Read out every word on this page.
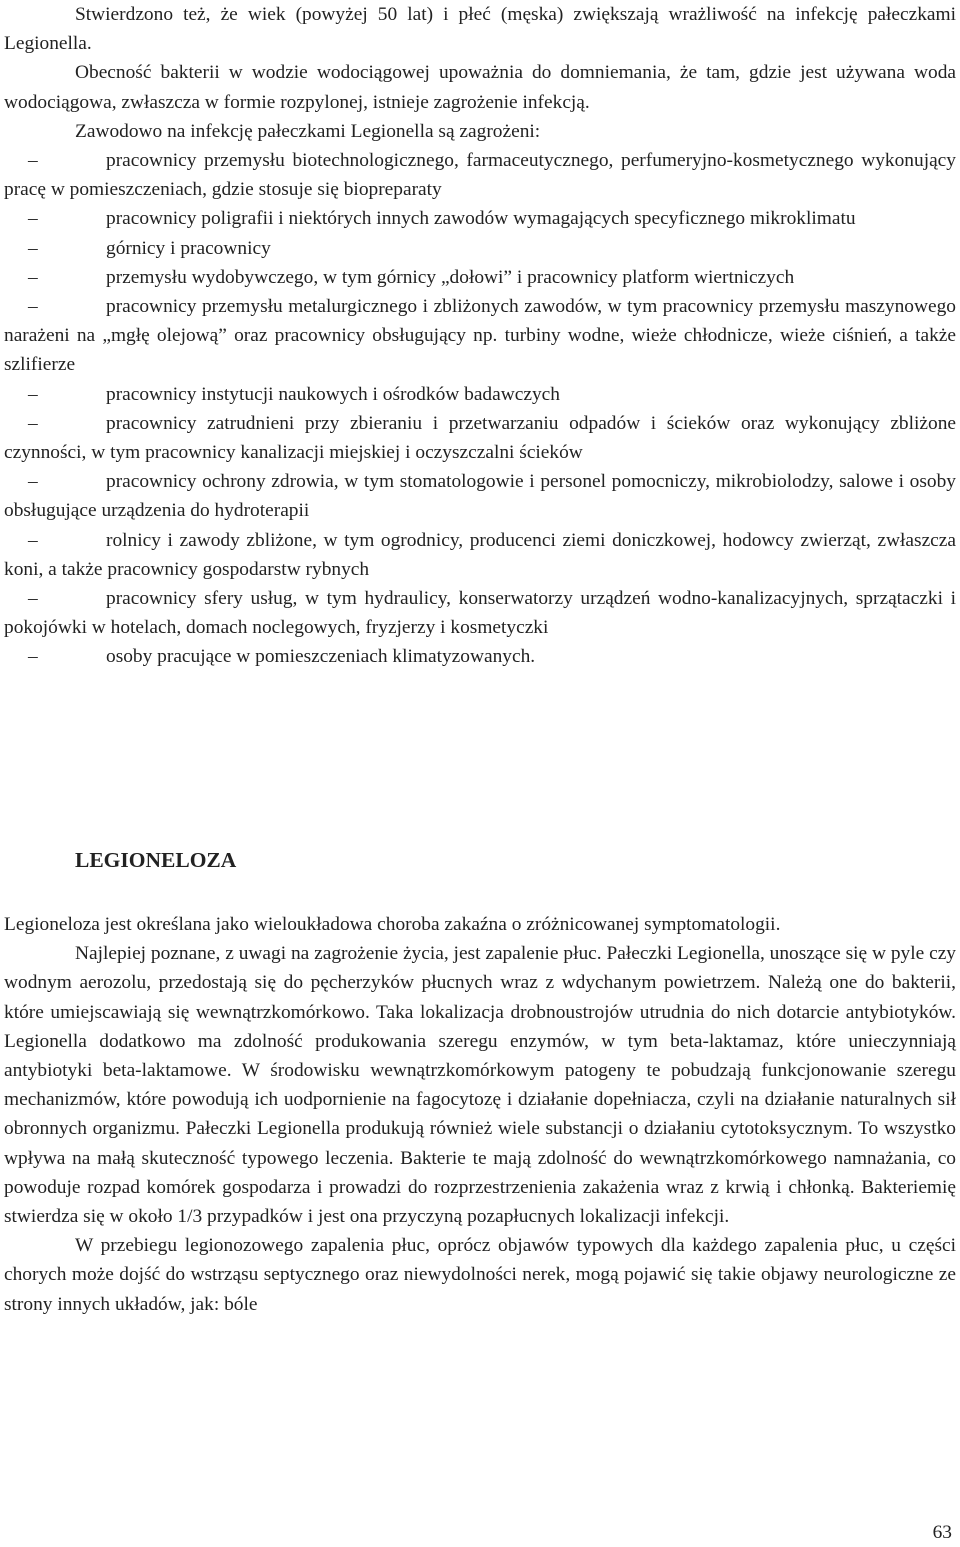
Stwierdzono też, że wiek (powyżej 50 lat) i płeć (męska) zwiększają wrażliwość na infekcję pałeczkami Legionella.

Obecność bakterii w wodzie wodociągowej upoważnia do domniemania, że tam, gdzie jest używana woda wodociągowa, zwłaszcza w formie rozpylonej, istnieje zagrożenie infekcją.

Zawodowo na infekcję pałeczkami Legionella są zagrożeni:

–	pracownicy przemysłu biotechnologicznego, farmaceutycznego, perfumeryjno-kosmetycznego wykonujący pracę w pomieszczeniach, gdzie stosuje się biopreparaty

–	pracownicy poligrafii i niektórych innych zawodów wymagających specyficznego mikroklimatu

–	górnicy i pracownicy

–	przemysłu wydobywczego, w tym górnicy „dołowi” i pracownicy platform wiertniczych

–	pracownicy przemysłu metalurgicznego i zbliżonych zawodów, w tym pracownicy przemysłu maszynowego narażeni na „mgłę olejową” oraz pracownicy obsługujący np. turbiny wodne, wieże chłodnicze, wieże ciśnień, a także szlifierze

–	pracownicy instytucji naukowych i ośrodków badawczych

–	pracownicy zatrudnieni przy zbieraniu i przetwarzaniu odpadów i ścieków oraz wykonujący zbliżone czynności, w tym pracownicy kanalizacji miejskiej i oczyszczalni ścieków

–	pracownicy ochrony zdrowia, w tym stomatologowie i personel pomocniczy, mikrobiolodzy, salowe i osoby obsługujące urządzenia do hydroterapii

–	rolnicy i zawody zbliżone, w tym ogrodnicy, producenci ziemi doniczkowej, hodowcy zwierząt, zwłaszcza koni, a także pracownicy gospodarstw rybnych

–	pracownicy sfery usług, w tym hydraulicy, konserwatorzy urządzeń wodno-kanalizacyjnych, sprzątaczki i pokojówki w hotelach, domach noclegowych, fryzjerzy i kosmetyczki

–	osoby pracujące w pomieszczeniach klimatyzowanych.

LEGIONELOZA

Legioneloza jest określana jako wieloukładowa choroba zakaźna o zróżnicowanej symptomatologii.

Najlepiej poznane, z uwagi na zagrożenie życia, jest zapalenie płuc. Pałeczki Legionella, unoszące się w pyle czy wodnym aerozolu, przedostają się do pęcherzyków płucnych wraz z wdychanym powietrzem. Należą one do bakterii, które umiejscawiają się wewnątrzkomórkowo. Taka lokalizacja drobnoustrojów utrudnia do nich dotarcie antybiotyków. Legionella dodatkowo ma zdolność produkowania szeregu enzymów, w tym beta-laktamaz, które unieczynniają antybiotyki beta-laktamowe. W środowisku wewnątrzkomórkowym patogeny te pobudzają funkcjonowanie szeregu mechanizmów, które powodują ich uodpornienie na fagocytozę i działanie dopełniacza, czyli na działanie naturalnych sił obronnych organizmu. Pałeczki Legionella produkują również wiele substancji o działaniu cytotoksycznym. To wszystko wpływa na małą skuteczność typowego leczenia. Bakterie te mają zdolność do wewnątrzkomórkowego namnażania, co powoduje rozpad komórek gospodarza i prowadzi do rozprzestrzenienia zakażenia wraz z krwią i chłonką. Bakteriemię stwierdza się w około 1/3 przypadków i jest ona przyczyną pozapłucnych lokalizacji infekcji.

W przebiegu legionozowego zapalenia płuc, oprócz objawów typowych dla każdego zapalenia płuc, u części chorych może dojść do wstrząsu septycznego oraz niewydolności nerek, mogą pojawić się takie objawy neurologiczne ze strony innych układów, jak: bóle

63
